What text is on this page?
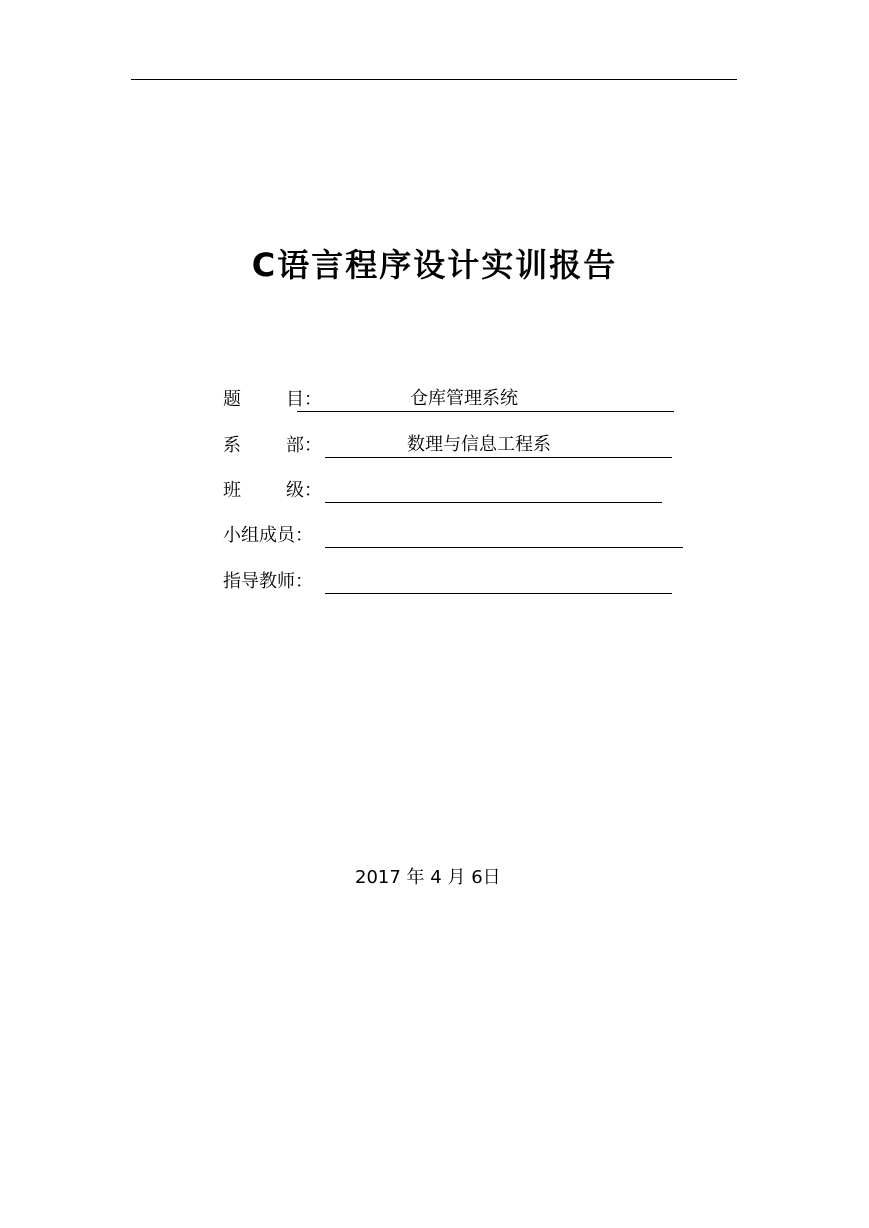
C语言程序设计实训报告
题	目：	仓库管理系统
系	部：	数理与信息工程系
班	级：
小组成员：
指导教师：
2017 年 4 月 6日
